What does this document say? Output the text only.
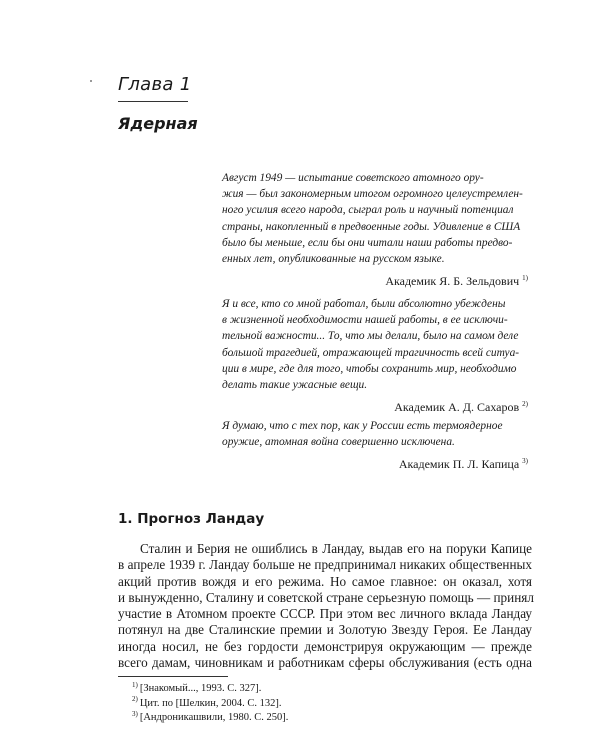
Глава 1
Ядерная
Август 1949 — испытание советского атомного ору-
жия — был закономерным итогом огромного целеустремлен-
ного усилия всего народа, сыграл роль и научный потенциал
страны, накопленный в предвоенные годы. Удивление в США
было бы меньше, если бы они читали наши работы предво-
енных лет, опубликованные на русском языке.
Академик Я. Б. Зельдович $^{1)}$
Я и все, кто со мной работал, были абсолютно убеждены
в жизненной необходимости нашей работы, в ее исключи-
тельной важности... То, что мы делали, было на самом деле
большой трагедией, отражающей трагичность всей ситуа-
ции в мире, где для того, чтобы сохранить мир, необходимо
делать такие ужасные вещи.
Академик А. Д. Сахаров $^{2)}$
Я думаю, что с тех пор, как у России есть термоядерное
оружие, атомная война совершенно исключена.
Академик П. Л. Капица $^{3)}$
1. Прогноз Ландау
Сталин и Берия не ошиблись в Ландау, выдав его на поруки Капице
в апреле 1939 г. Ландау больше не предпринимал никаких общественных
акций против вождя и его режима. Но самое главное: он оказал, хотя
и вынужденно, Сталину и советской стране серьезную помощь — принял
участие в Атомном проекте СССР. При этом вес личного вклада Ландау
потянул на две Сталинские премии и Золотую Звезду Героя. Ее Ландау
иногда носил, не без гордости демонстрируя окружающим — прежде
всего дамам, чиновникам и работникам сферы обслуживания (есть одна
$^{1)}$ [Знакомый..., 1993. С. 327].
$^{2)}$ Цит. по [Шелкин, 2004. С. 132].
$^{3)}$ [Андроникашвили, 1980. С. 250].
